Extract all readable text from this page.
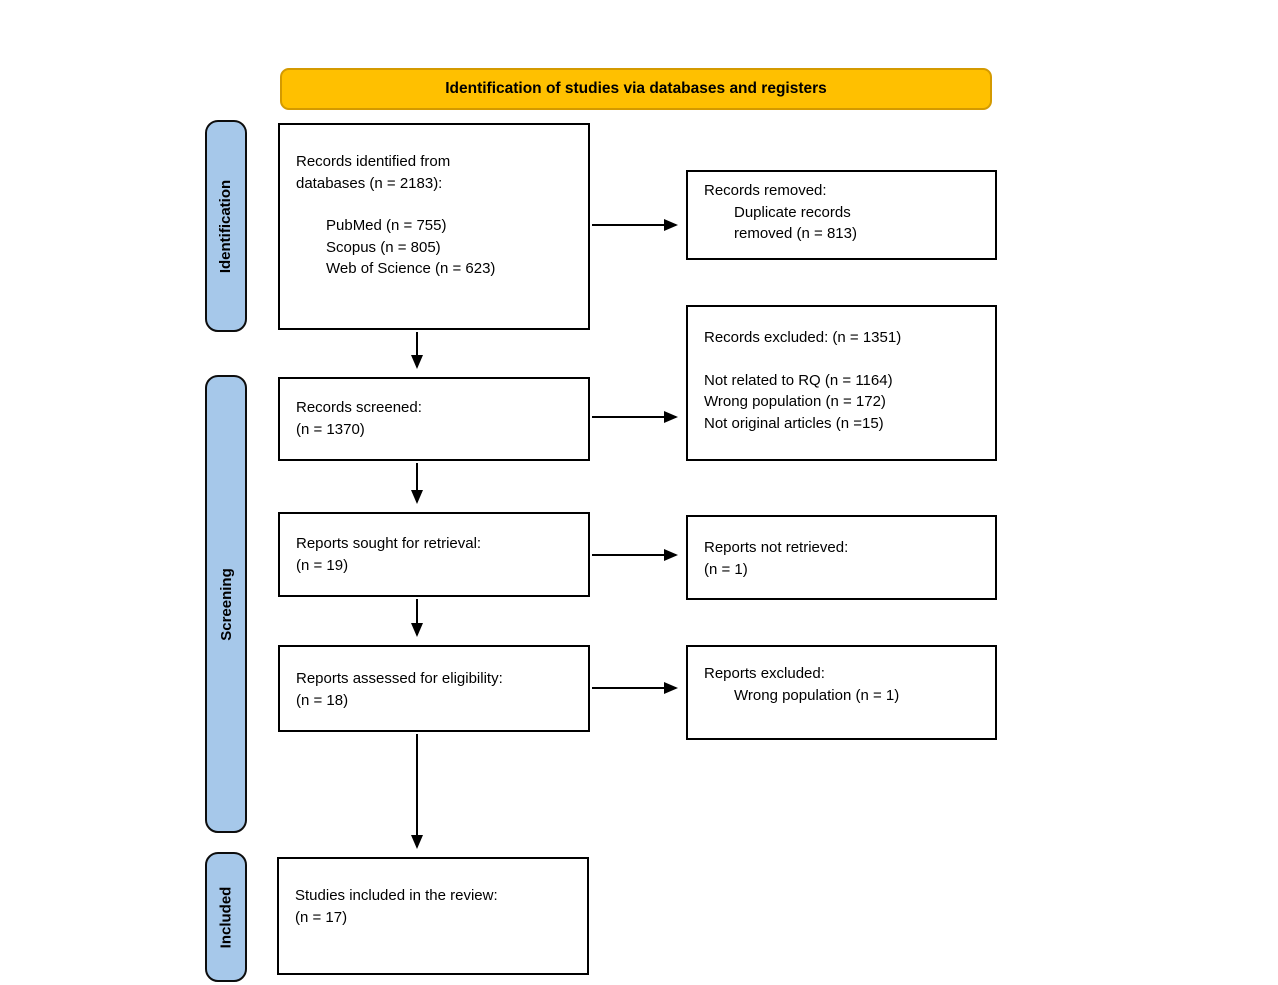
Identification of studies via databases and registers
Identification
Screening
Included
Records identified from
databases (n = 2183):
PubMed (n = 755)
Scopus (n = 805)
Web of Science (n = 623)
Records screened:
(n = 1370)
Reports sought for retrieval:
(n = 19)
Reports assessed for eligibility:
(n = 18)
Studies included in the review:
(n = 17)
Records removed:
Duplicate records
removed (n = 813)
Records excluded: (n = 1351)
Not related to RQ (n = 1164)
Wrong population (n = 172)
Not original articles (n =15)
Reports not retrieved:
(n = 1)
Reports excluded:
Wrong population (n = 1)
